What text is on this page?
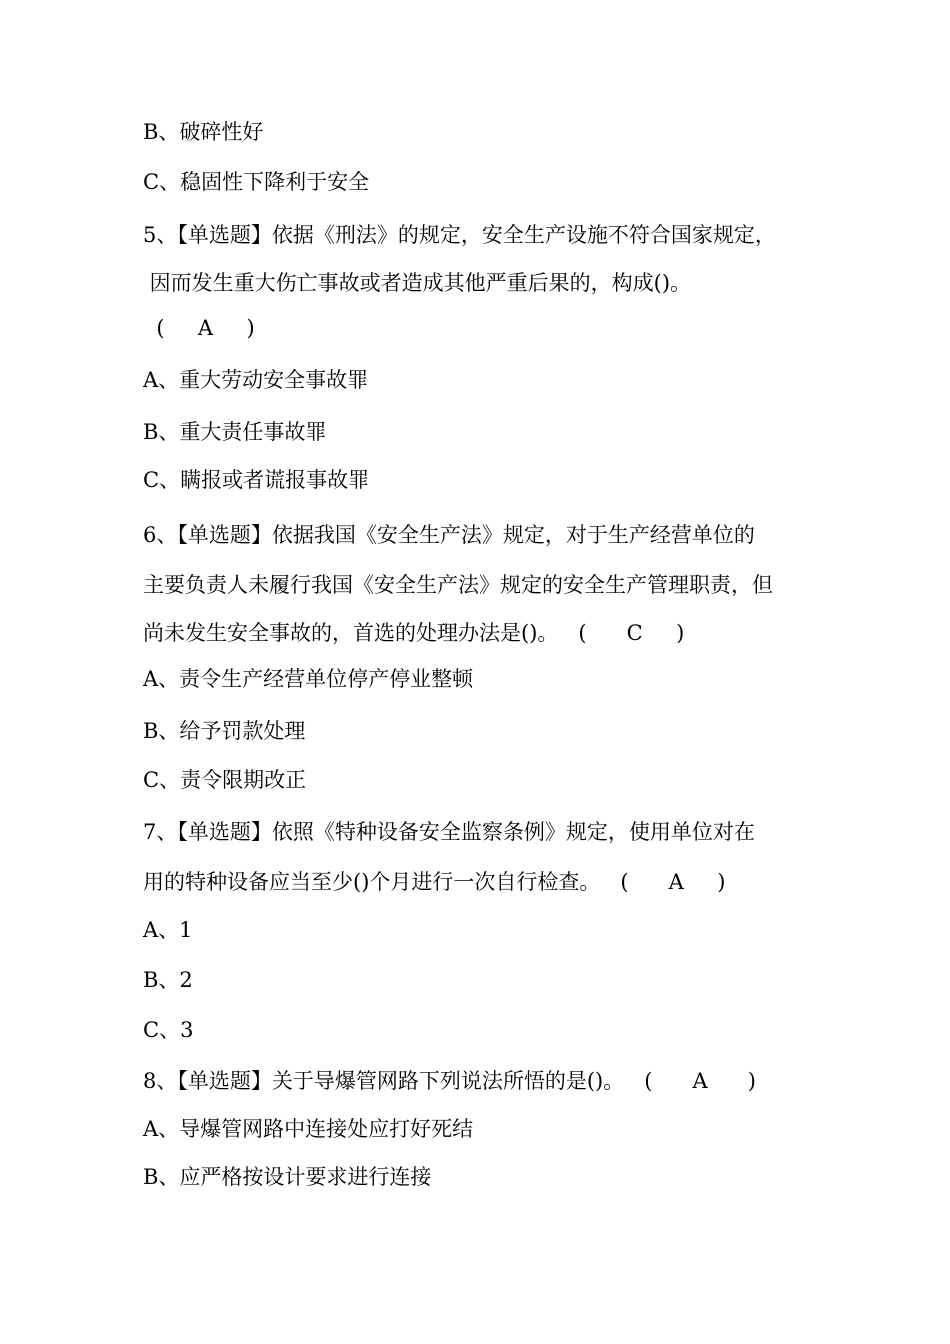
B、破碎性好

C、稳固性下降利于安全

5、【单选题】依据《刑法》的规定，安全生产设施不符合国家规定，

因而发生重大伤亡事故或者造成其他严重后果的，构成()。

(     A     )

A、重大劳动安全事故罪

B、重大责任事故罪

C、瞒报或者谎报事故罪

6、【单选题】依据我国《安全生产法》规定，对于生产经营单位的

主要负责人未履行我国《安全生产法》规定的安全生产管理职责，但

尚未发生安全事故的，首选的处理办法是()。   (      C     )

A、责令生产经营单位停产停业整顿

B、给予罚款处理

C、责令限期改正

7、【单选题】依照《特种设备安全监察条例》规定，使用单位对在

用的特种设备应当至少()个月进行一次自行检查。   (      A     )

A、1

B、2

C、3

8、【单选题】关于导爆管网路下列说法所悟的是()。   (      A      )

A、导爆管网路中连接处应打好死结

B、应严格按设计要求进行连接
